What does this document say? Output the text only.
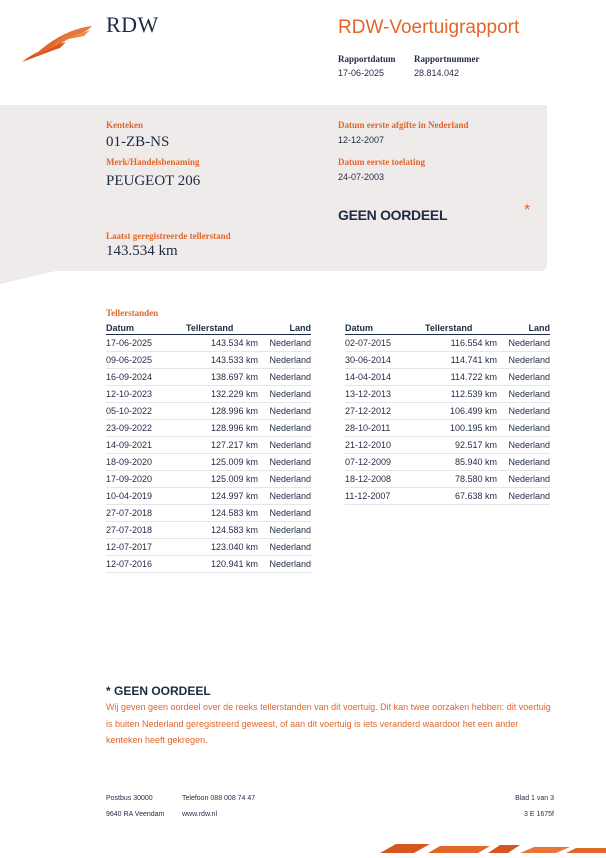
RDW	RDW-Voertuigrapport
Rapportdatum
17-06-2025
Rapportnummer
28.814.042
Kenteken
01-ZB-NS
Merk/Handelsbenaming
PEUGEOT 206
Datum eerste afgifte in Nederland
12-12-2007
Datum eerste toelating
24-07-2003
GEEN OORDEEL	*
Laatst geregistreerde tellerstand
143.534 km
Tellerstanden
Datum	Tellerstand	Land
17-06-2025	143.534 km	Nederland
09-06-2025	143.533 km	Nederland
16-09-2024	138.697 km	Nederland
12-10-2023	132.229 km	Nederland
05-10-2022	128.996 km	Nederland
23-09-2022	128.996 km	Nederland
14-09-2021	127.217 km	Nederland
18-09-2020	125.009 km	Nederland
17-09-2020	125.009 km	Nederland
10-04-2019	124.997 km	Nederland
27-07-2018	124.583 km	Nederland
27-07-2018	124.583 km	Nederland
12-07-2017	123.040 km	Nederland
12-07-2016	120.941 km	Nederland
Datum	Tellerstand	Land
02-07-2015	116.554 km	Nederland
30-06-2014	114.741 km	Nederland
14-04-2014	114.722 km	Nederland
13-12-2013	112.539 km	Nederland
27-12-2012	106.499 km	Nederland
28-10-2011	100.195 km	Nederland
21-12-2010	92.517 km	Nederland
07-12-2009	85.940 km	Nederland
18-12-2008	78.580 km	Nederland
11-12-2007	67.638 km	Nederland
* GEEN OORDEEL
Wij geven geen oordeel over de reeks tellerstanden van dit voertuig. Dit kan twee oorzaken hebben: dit voertuig is buiten Nederland geregistreerd geweest, of aan dit voertuig is iets veranderd waardoor het een ander kenteken heeft gekregen.
Postbus 30000
9640 RA Veendam
Telefoon 088 008 74 47
www.rdw.nl
Blad 1 van 3
3 E 1675f
